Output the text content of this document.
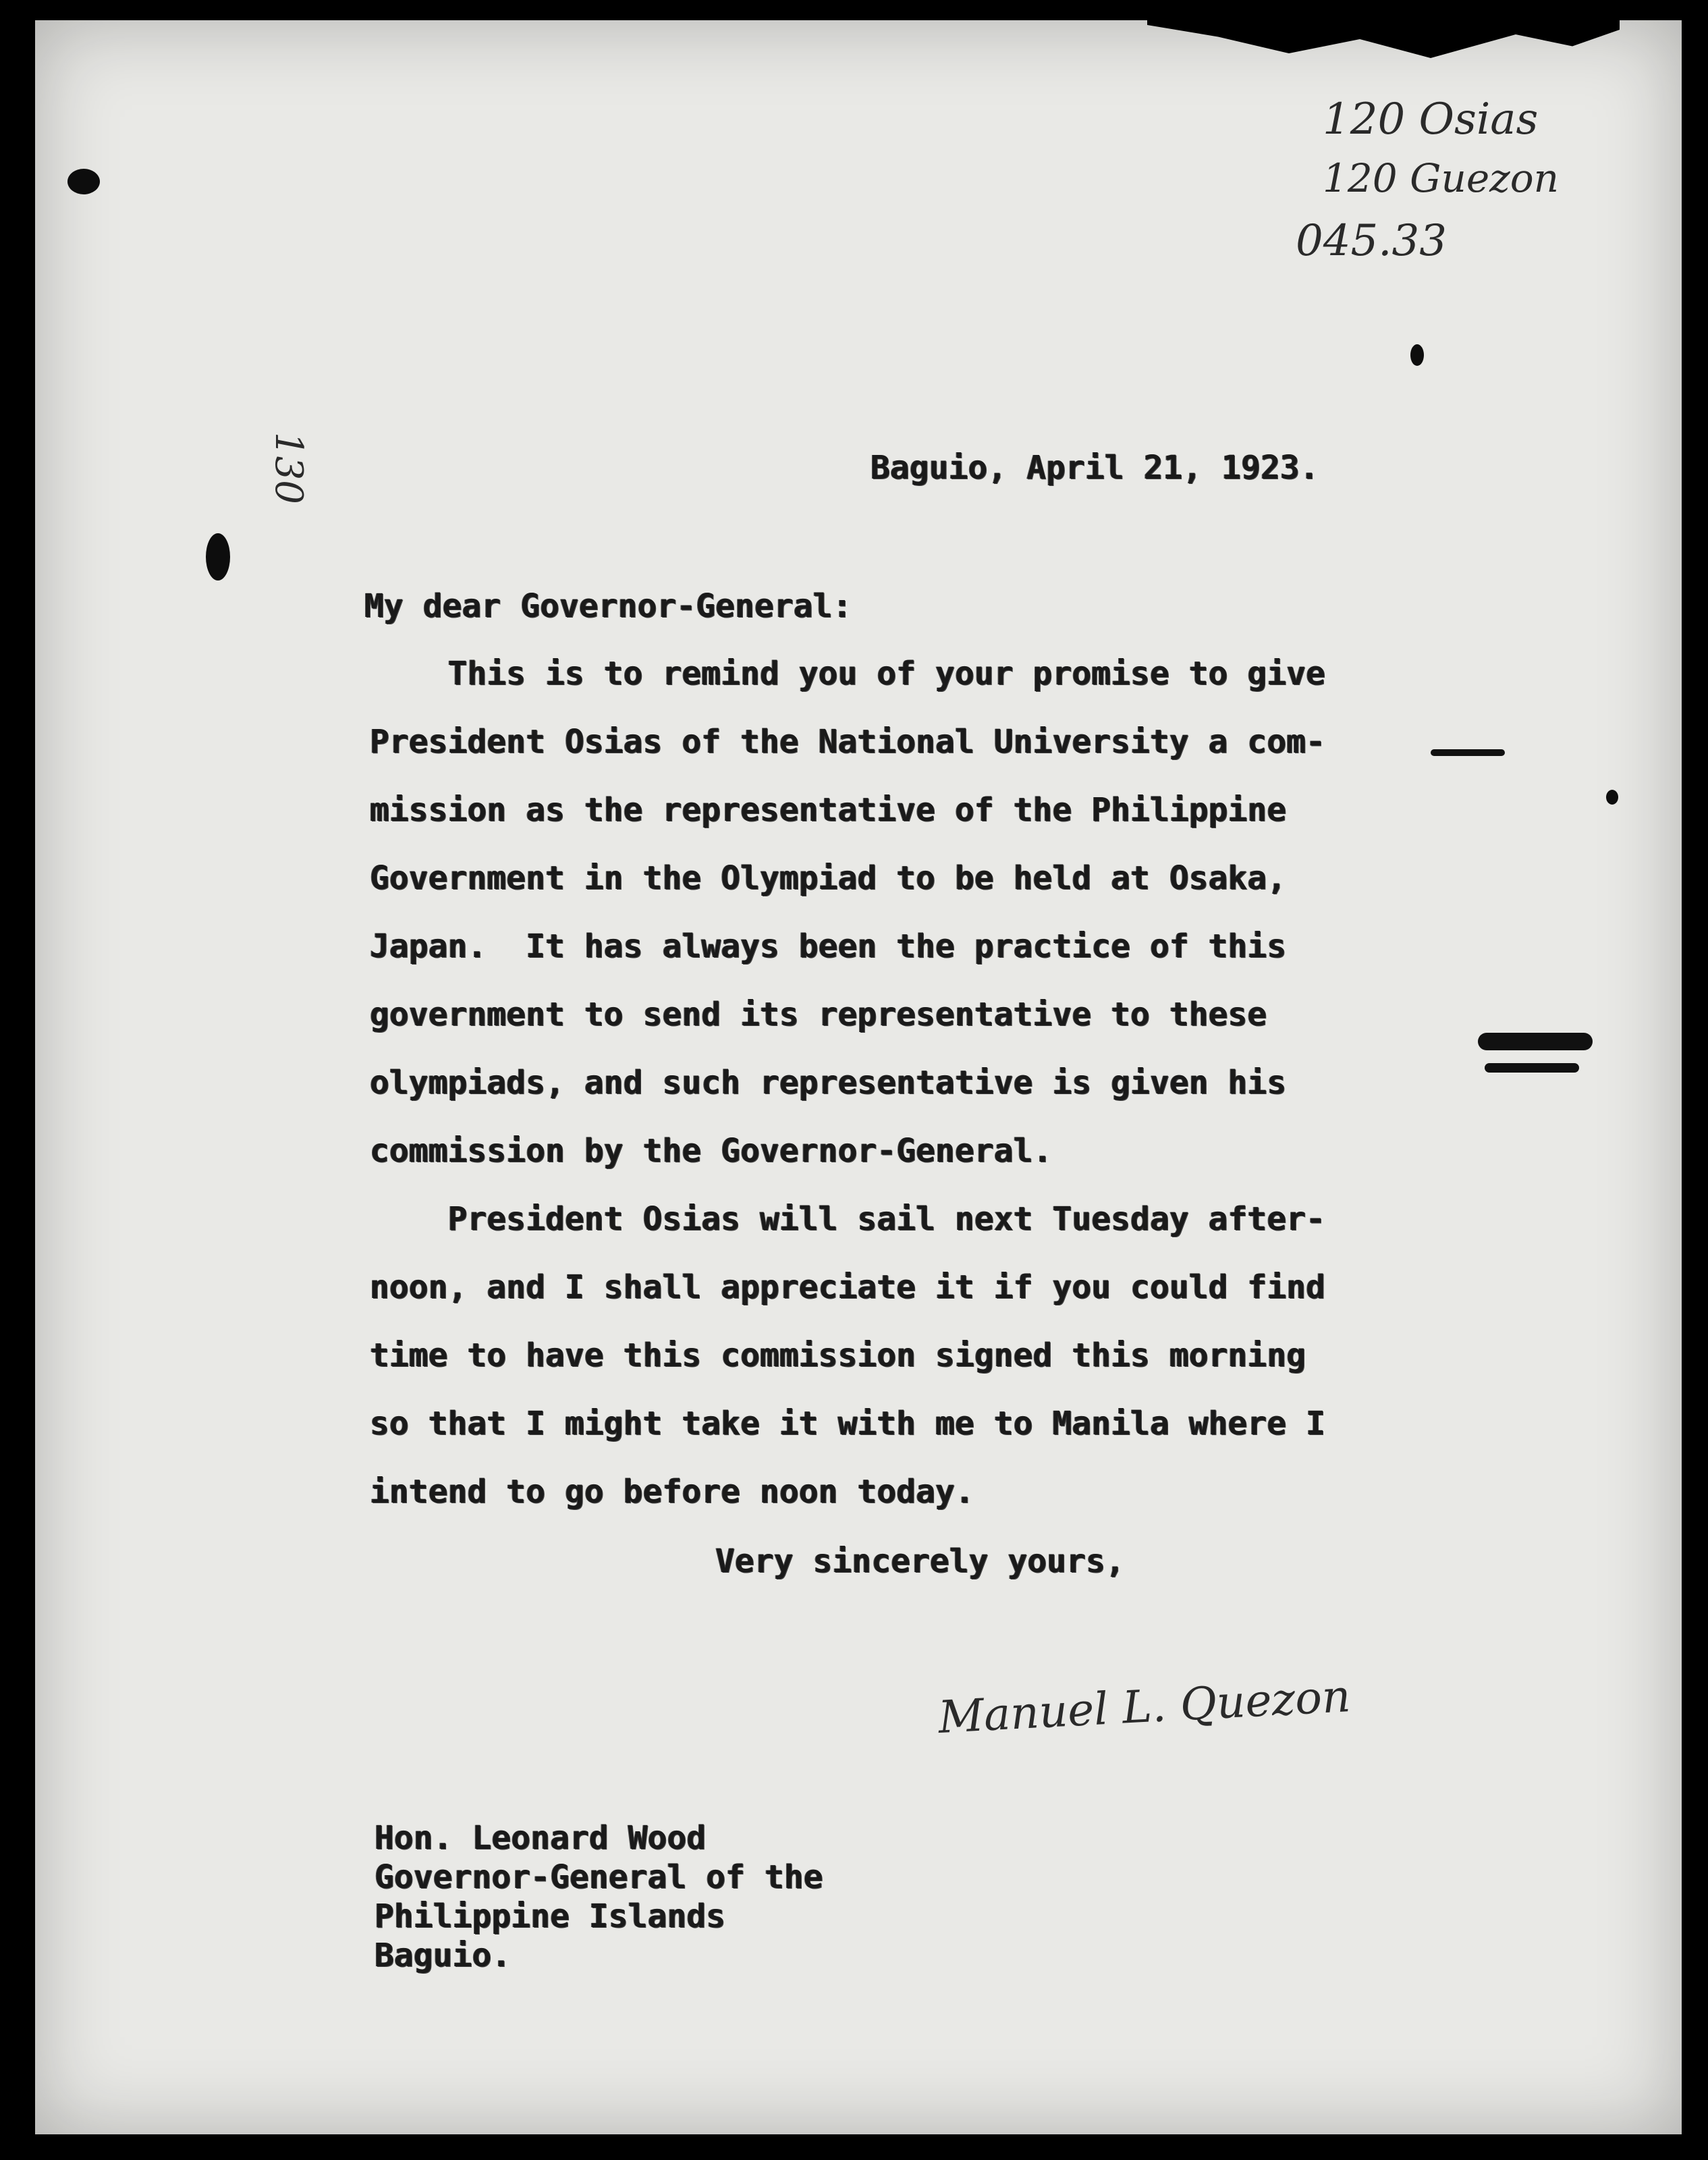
120 Osias
120 Guezon
045.33
130	Baguio, April 21, 1923.
My dear Governor-General:

This is to remind you of your promise to give

President Osias of the National University a com-

mission as the representative of the Philippine

Government in the Olympiad to be held at Osaka,

Japan.  It has always been the practice of this

government to send its representative to these

olympiads, and such representative is given his

commission by the Governor-General.

President Osias will sail next Tuesday after-

noon, and I shall appreciate it if you could find

time to have this commission signed this morning

so that I might take it with me to Manila where I

intend to go before noon today.

Very sincerely yours,
Manuel L. Quezon

Hon. Leonard Wood

Governor-General of the

Philippine Islands

Baguio.
